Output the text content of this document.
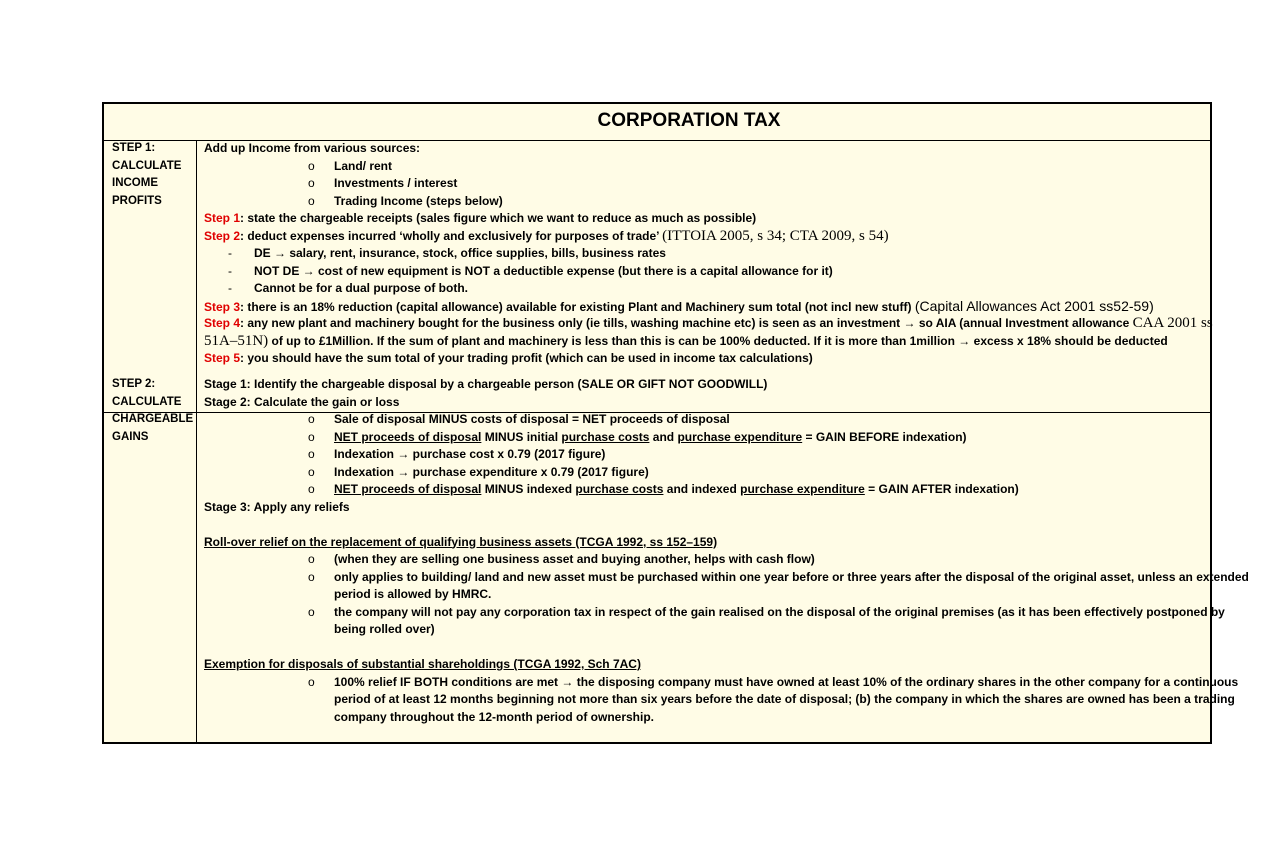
CORPORATION TAX
STEP 1: CALCULATE INCOME PROFITS
Add up Income from various sources:
o Land/ rent
o Investments / interest
o Trading Income (steps below)
Step 1: state the chargeable receipts (sales figure which we want to reduce as much as possible)
Step 2: deduct expenses incurred ‘wholly and exclusively for purposes of trade’ (ITTOIA 2005, s 34; CTA 2009, s 54)
- DE → salary, rent, insurance, stock, office supplies, bills, business rates
- NOT DE → cost of new equipment is NOT a deductible expense (but there is a capital allowance for it)
- Cannot be for a dual purpose of both.
Step 3: there is an 18% reduction (capital allowance) available for existing Plant and Machinery sum total (not incl new stuff) (Capital Allowances Act 2001 ss52-59)
Step 4: any new plant and machinery bought for the business only (ie tills, washing machine etc) is seen as an investment → so AIA (annual Investment allowance CAA 2001 ss
51A–51N) of up to £1Million. If the sum of plant and machinery is less than this is can be 100% deducted. If it is more than 1million → excess x 18% should be deducted
Step 5: you should have the sum total of your trading profit (which can be used in income tax calculations)
STEP 2: CALCULATE CHARGEABLE GAINS
Stage 1: Identify the chargeable disposal by a chargeable person (SALE OR GIFT NOT GOODWILL)
Stage 2: Calculate the gain or loss
o Sale of disposal MINUS costs of disposal = NET proceeds of disposal
o NET proceeds of disposal MINUS initial purchase costs and purchase expenditure = GAIN BEFORE indexation)
o Indexation → purchase cost x 0.79 (2017 figure)
o Indexation → purchase expenditure x 0.79 (2017 figure)
o NET proceeds of disposal MINUS indexed purchase costs and indexed purchase expenditure = GAIN AFTER indexation)
Stage 3: Apply any reliefs
Roll-over relief on the replacement of qualifying business assets (TCGA 1992, ss 152–159)
o (when they are selling one business asset and buying another, helps with cash flow)
o only applies to building/ land and new asset must be purchased within one year before or three years after the disposal of the original asset, unless an extended
period is allowed by HMRC.
o the company will not pay any corporation tax in respect of the gain realised on the disposal of the original premises (as it has been effectively postponed by
being rolled over)
Exemption for disposals of substantial shareholdings (TCGA 1992, Sch 7AC)
o 100% relief IF BOTH conditions are met → the disposing company must have owned at least 10% of the ordinary shares in the other company for a continuous
period of at least 12 months beginning not more than six years before the date of disposal; (b) the company in which the shares are owned has been a trading
company throughout the 12-month period of ownership.
